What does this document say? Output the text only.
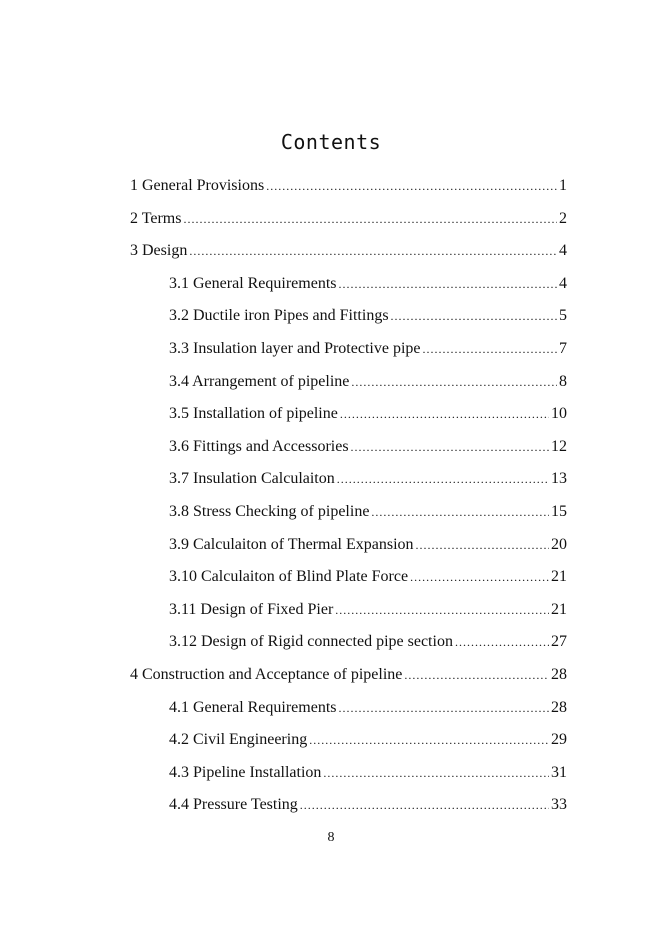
Contents
1 General Provisions .....	1
2 Terms .....	2
3 Design .....	4
3.1 General Requirements .....	4
3.2 Ductile iron Pipes and Fittings .....	5
3.3 Insulation layer and Protective pipe .....	7
3.4 Arrangement of pipeline .....	8
3.5 Installation of pipeline .....	10
3.6 Fittings and Accessories .....	12
3.7 Insulation Calculaiton .....	13
3.8 Stress Checking of pipeline .....	15
3.9 Calculaiton of Thermal Expansion .....	20
3.10 Calculaiton of Blind Plate Force .....	21
3.11 Design of Fixed Pier .....	21
3.12 Design of Rigid connected pipe section .....	27
4 Construction and Acceptance of pipeline .....	28
4.1 General Requirements .....	28
4.2 Civil Engineering .....	29
4.3 Pipeline Installation .....	31
4.4 Pressure Testing .....	33
8
